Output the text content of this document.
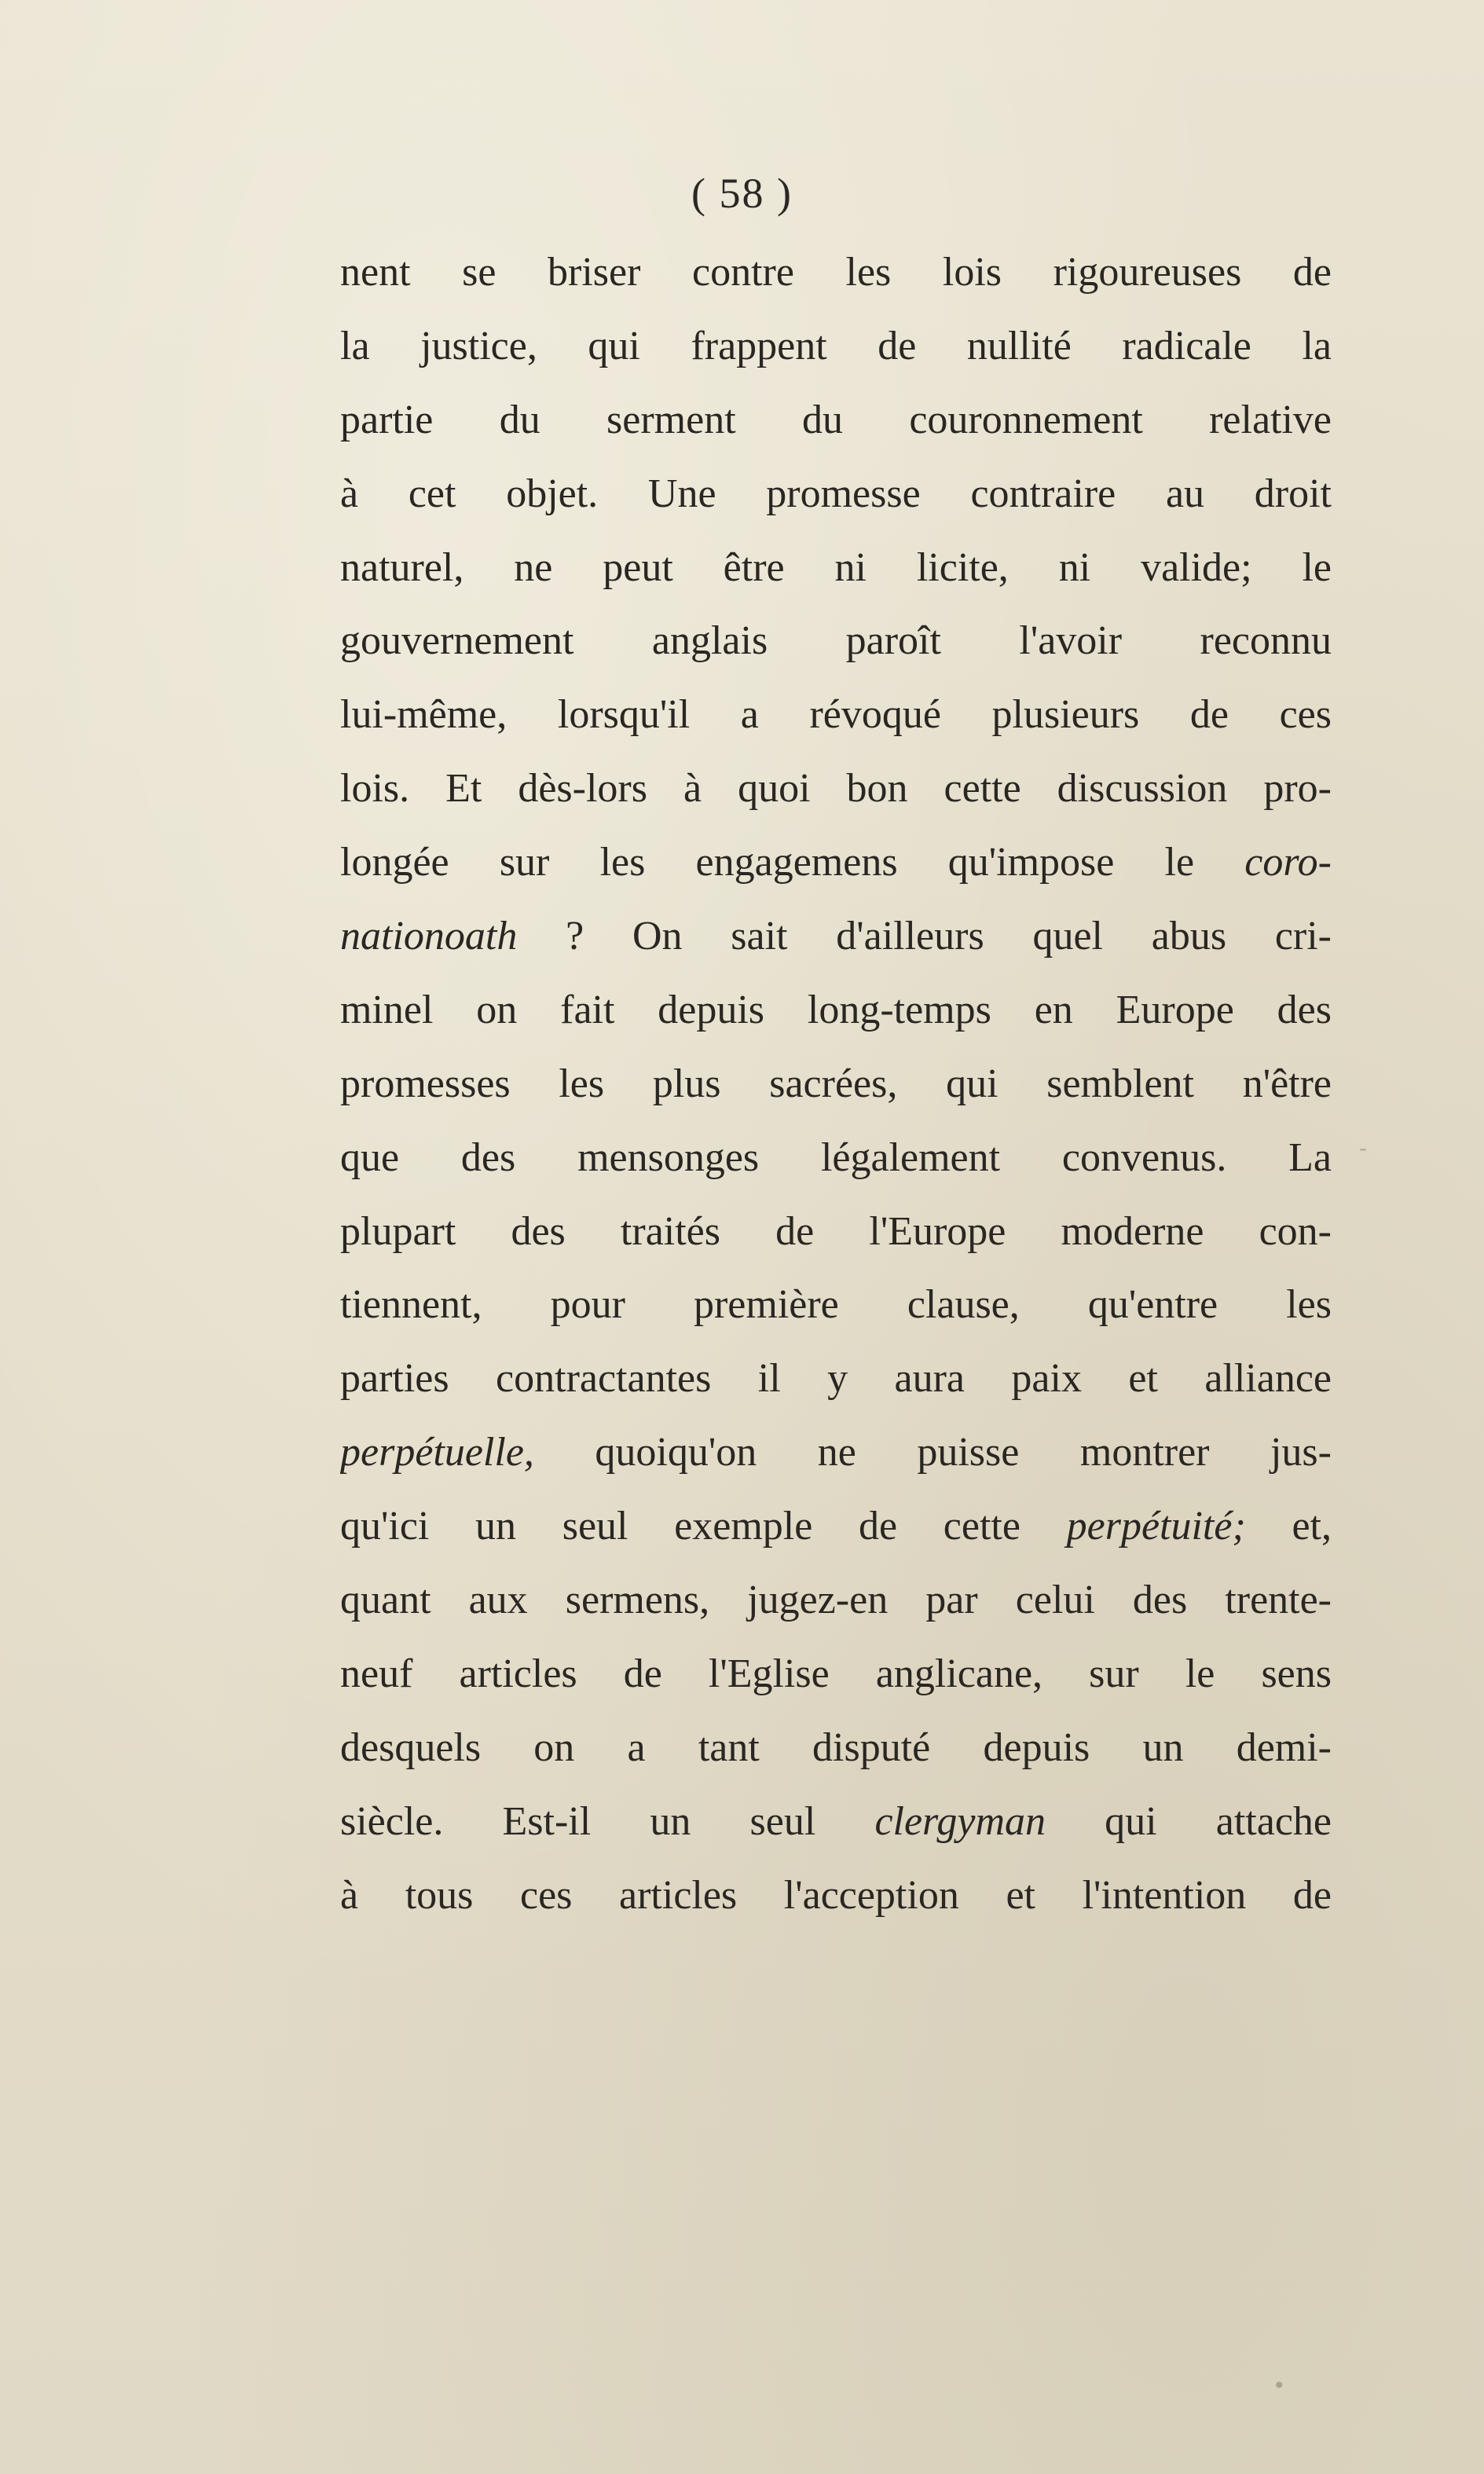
( 58 )
nent se briser contre les lois rigoureuses de
la justice, qui frappent de nullité radicale la
partie du serment du couronnement relative
à cet objet. Une promesse contraire au droit
naturel, ne peut être ni licite, ni valide; le
gouvernement anglais paroît l'avoir reconnu
lui-même, lorsqu'il a révoqué plusieurs de ces
lois. Et dès-lors à quoi bon cette discussion pro-
longée sur les engagemens qu'impose le coro-
nationoath ? On sait d'ailleurs quel abus cri-
minel on fait depuis long-temps en Europe des
promesses les plus sacrées, qui semblent n'être
que des mensonges légalement convenus. La
plupart des traités de l'Europe moderne con-
tiennent, pour première clause, qu'entre les
parties contractantes il y aura paix et alliance
perpétuelle, quoiqu'on ne puisse montrer jus-
qu'ici un seul exemple de cette perpétuité; et,
quant aux sermens, jugez-en par celui des trente-
neuf articles de l'Eglise anglicane, sur le sens
desquels on a tant disputé depuis un demi-
siècle. Est-il un seul clergyman qui attache
à tous ces articles l'acception et l'intention de
•
-
